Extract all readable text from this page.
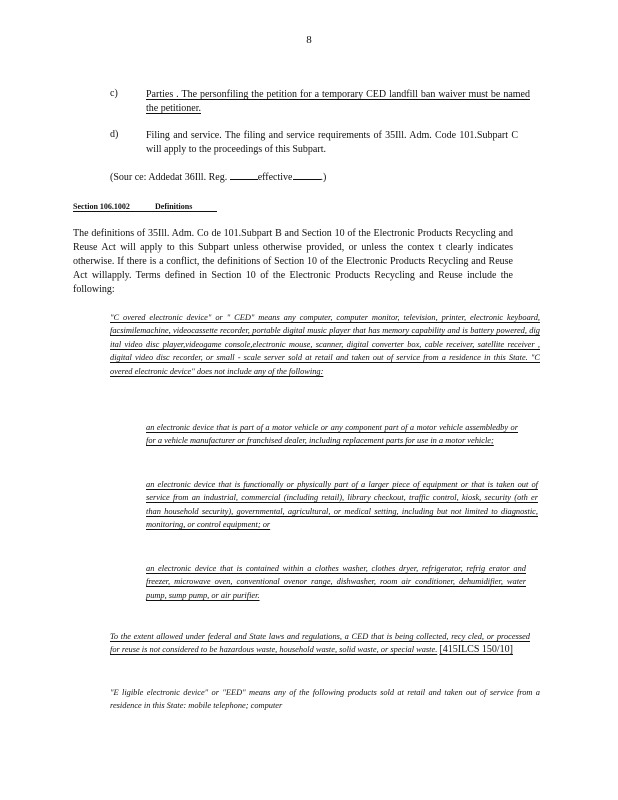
8
c)	Parties . The personfiling the petition for a temporary CED landfill ban waiver must be named the petitioner.
d)	Filing and service. The filing and service requirements of 35Ill. Adm. Code 101.Subpart C will apply to the proceedings of this Subpart.
(Sour ce: Addedat 36Ill. Reg.	effective	.)
Section 106.1002	Definitions
The definitions of 35Ill. Adm. Co de 101.Subpart B and Section 10 of the Electronic Products Recycling and Reuse Act will apply to this Subpart unless otherwise provided, or unless the contex t clearly indicates otherwise. If there is a conflict, the definitions of Section 10 of the Electronic Products Recycling and Reuse Act willapply. Terms defined in Section 10 of the Electronic Products Recycling and Reuse include the following:
"C overed electronic device" or " CED" means any computer, computer monitor, television, printer, electronic keyboard, facsimilemachine, videocassette recorder, portable digital music player that has memory capability and is battery powered, dig ital video disc player,videogame console,electronic mouse, scanner, digital converter box, cable receiver, satellite receiver , digital video disc recorder, or small - scale server sold at retail and taken out of service from a residence in this State. "C overed electronic device" does not include any of the following:
an electronic device that is part of a motor vehicle or any component part of a motor vehicle assembledby or for a vehicle manufacturer or franchised dealer, including replacement parts for use in a motor vehicle;
an electronic device that is functionally or physically part of a larger piece of equipment or that is taken out of service from an industrial, commercial (including retail), library checkout, traffic control, kiosk, security (oth er than household security), governmental, agricultural, or medical setting, including but not limited to diagnostic, monitoring, or control equipment; or
an electronic device that is contained within a clothes washer, clothes dryer, refrigerator, refrig erator and freezer, microwave oven, conventional ovenor range, dishwasher, room air conditioner, dehumidifier, water pump, sump pump, or air purifier.
To the extent allowed under federal and State laws and regulations, a CED that is being collected, recy cled, or processed for reuse is not considered to be hazardous waste, household waste, solid waste, or special waste. [415ILCS 150/10]
"E ligible electronic device" or "EED" means any of the following products sold at retail and taken out of service from a residence in this State: mobile telephone; computer
